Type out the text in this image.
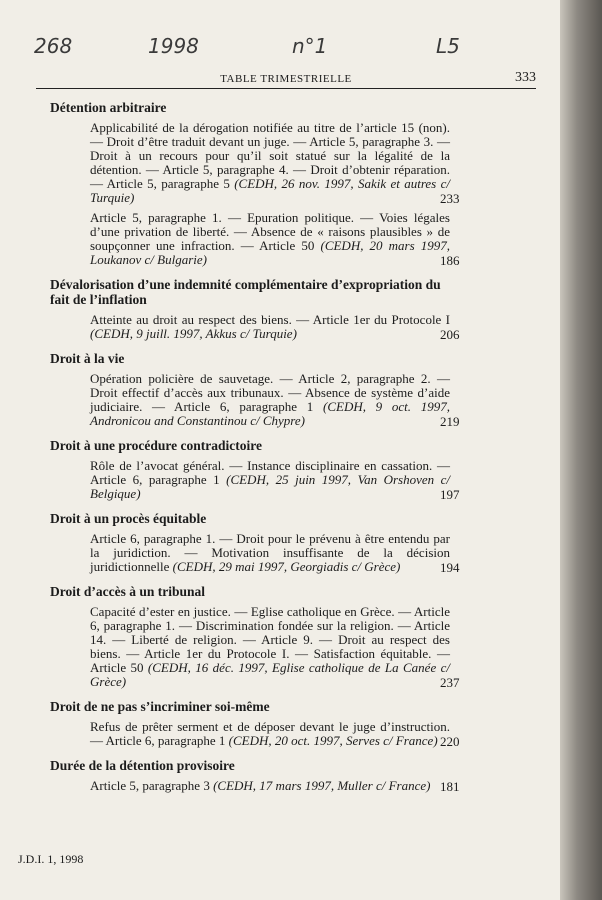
268	1998	n°1	L5
TABLE TRIMESTRIELLE	333
Détention arbitraire
Applicabilité de la dérogation notifiée au titre de l’article 15 (non). — Droit d’être traduit devant un juge. — Article 5, paragraphe 3. — Droit à un recours pour qu’il soit statué sur la légalité de la détention. — Article 5, paragraphe 4. — Droit d’obtenir réparation. — Article 5, paragraphe 5 (CEDH, 26 nov. 1997, Sakik et autres c/ Turquie)	233
Article 5, paragraphe 1. — Epuration politique. — Voies légales d’une privation de liberté. — Absence de « raisons plausibles » de soupçonner une infraction. — Article 50 (CEDH, 20 mars 1997, Loukanov c/ Bulgarie)	186
Dévalorisation d’une indemnité complémentaire d’expropriation du fait de l’inflation
Atteinte au droit au respect des biens. — Article 1er du Protocole I (CEDH, 9 juill. 1997, Akkus c/ Turquie)	206
Droit à la vie
Opération policière de sauvetage. — Article 2, paragraphe 2. — Droit effectif d’accès aux tribunaux. — Absence de système d’aide judiciaire. — Article 6, paragraphe 1 (CEDH, 9 oct. 1997, Andronicou and Constantinou c/ Chypre)	219
Droit à une procédure contradictoire
Rôle de l’avocat général. — Instance disciplinaire en cassation. — Article 6, paragraphe 1 (CEDH, 25 juin 1997, Van Orshoven c/ Belgique)	197
Droit à un procès équitable
Article 6, paragraphe 1. — Droit pour le prévenu à être entendu par la juridiction. — Motivation insuffisante de la décision juridictionnelle (CEDH, 29 mai 1997, Georgiadis c/ Grèce)	194
Droit d’accès à un tribunal
Capacité d’ester en justice. — Eglise catholique en Grèce. — Article 6, paragraphe 1. — Discrimination fondée sur la religion. — Article 14. — Liberté de religion. — Article 9. — Droit au respect des biens. — Article 1er du Protocole I. — Satisfaction équitable. — Article 50 (CEDH, 16 déc. 1997, Eglise catholique de La Canée c/ Grèce)	237
Droit de ne pas s’incriminer soi-même
Refus de prêter serment et de déposer devant le juge d’instruction. — Article 6, paragraphe 1 (CEDH, 20 oct. 1997, Serves c/ France) 220
Durée de la détention provisoire
Article 5, paragraphe 3 (CEDH, 17 mars 1997, Muller c/ France) 181
J.D.I. 1, 1998
